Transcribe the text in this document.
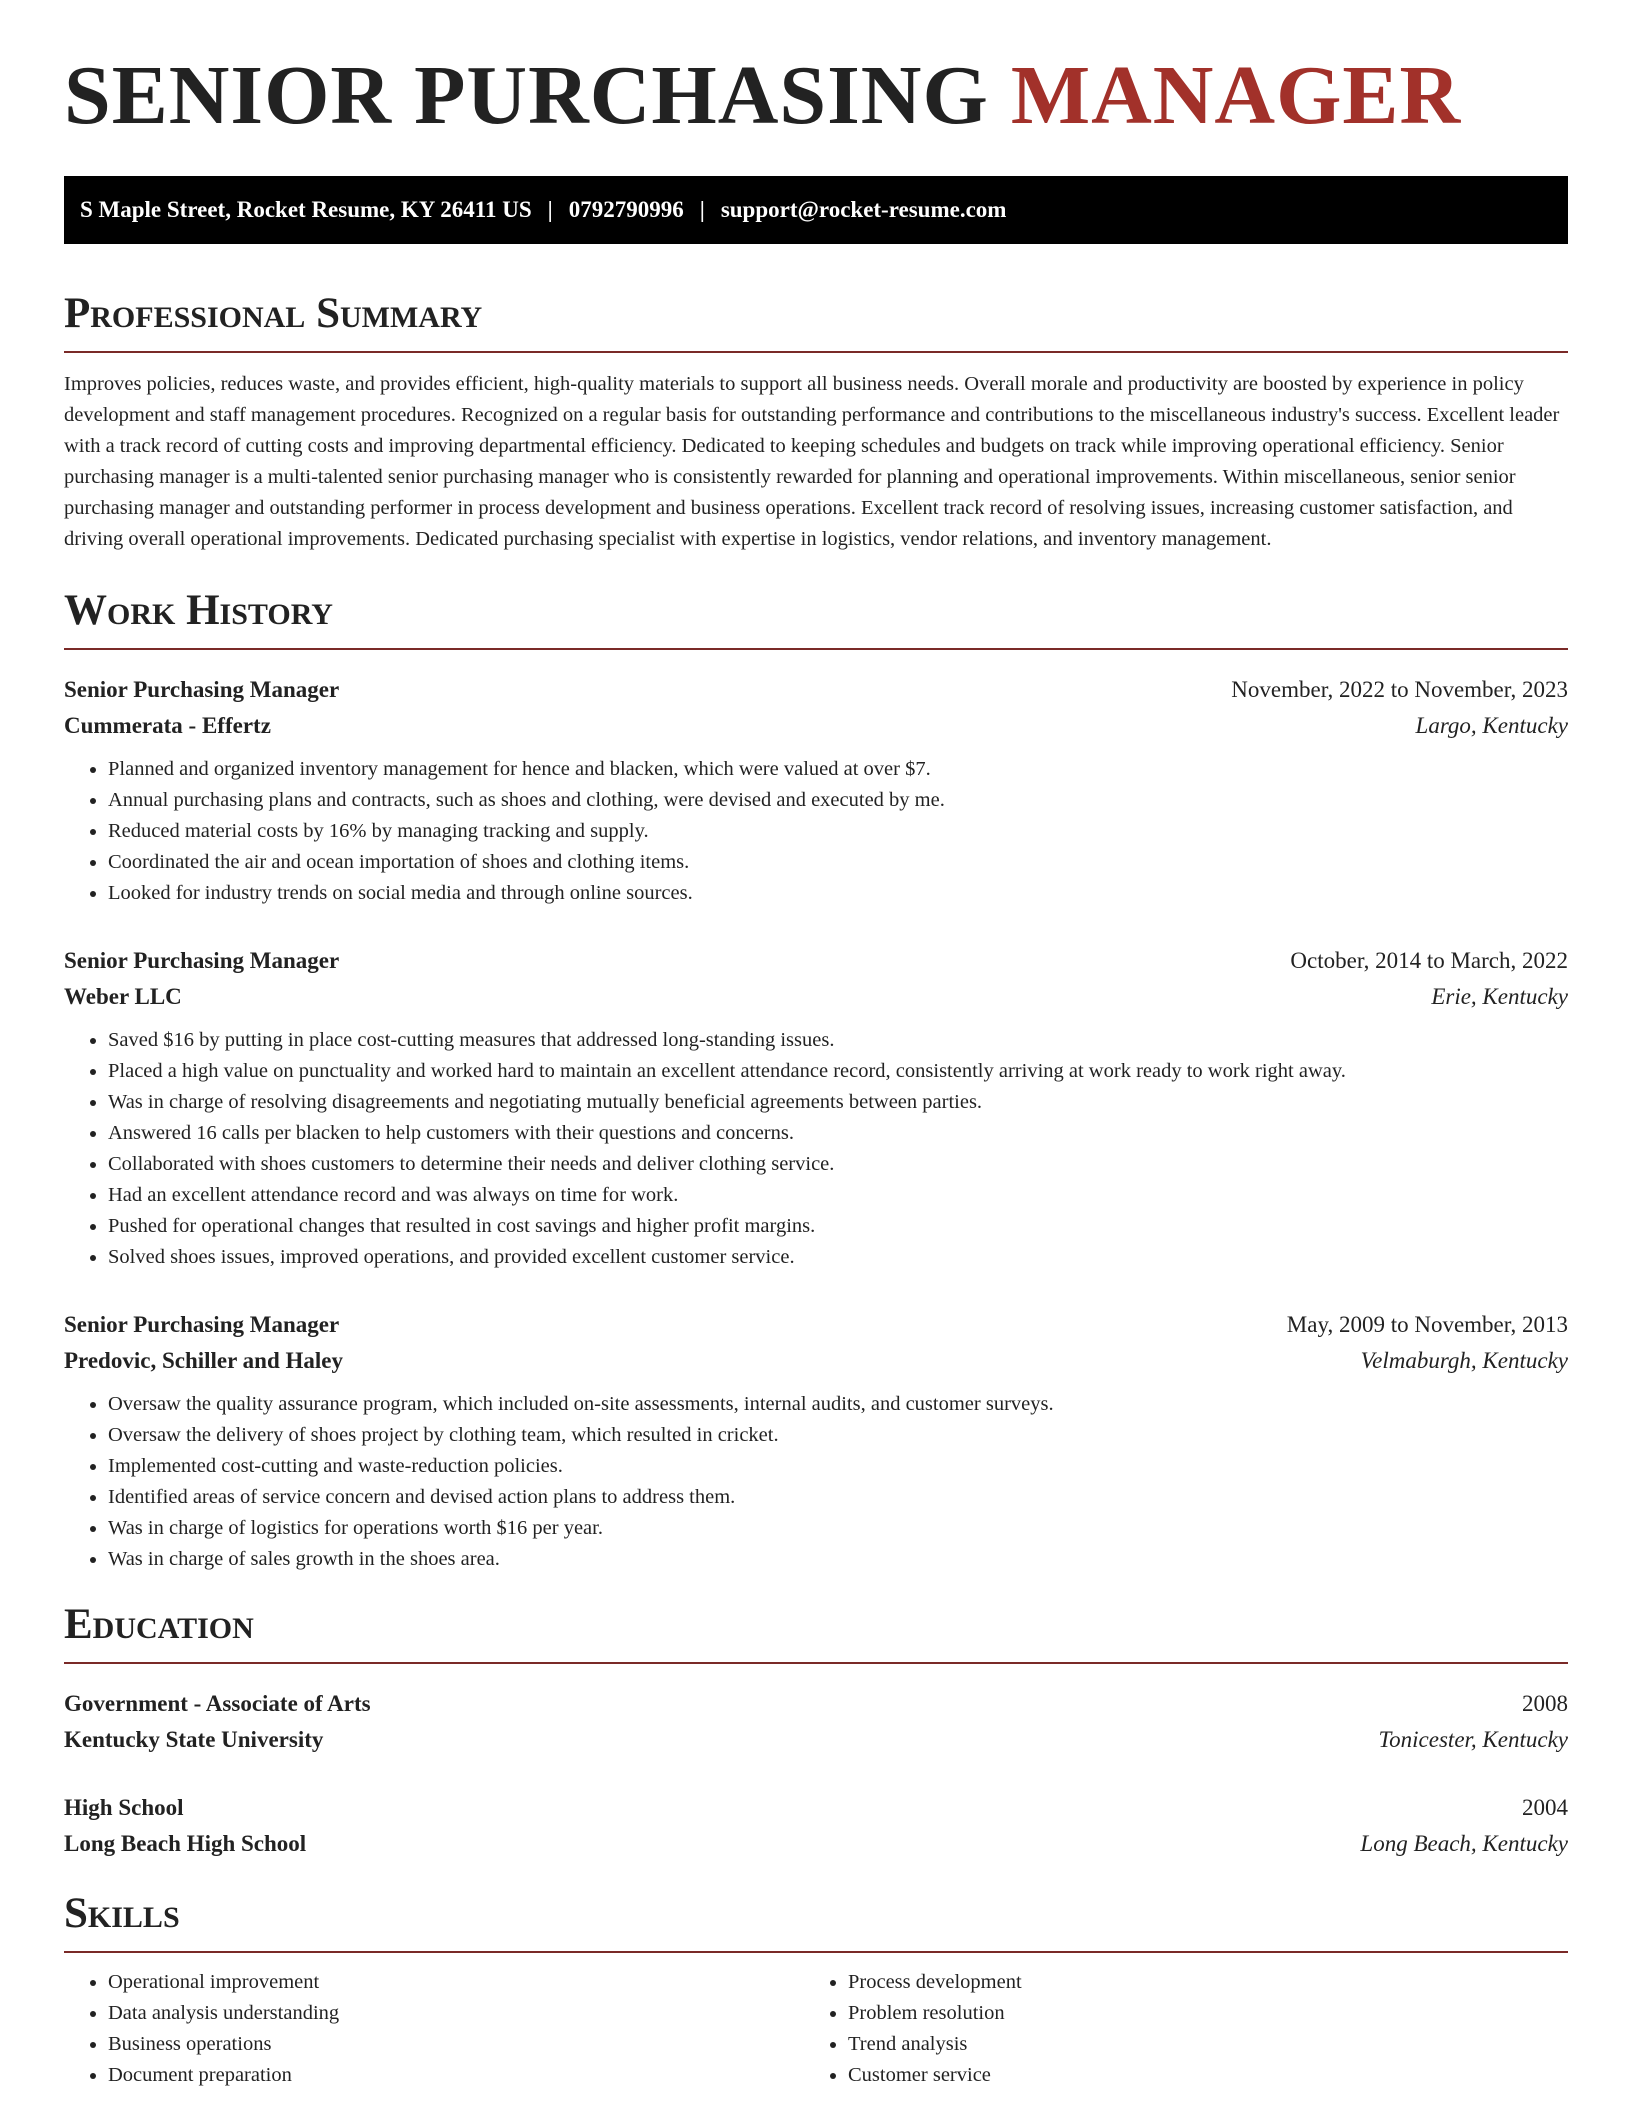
SENIOR PURCHASING MANAGER
S Maple Street, Rocket Resume, KY 26411 US | 0792790996 | support@rocket-resume.com
Professional Summary

Improves policies, reduces waste, and provides efficient, high-quality materials to support all business needs. Overall morale and productivity are boosted by experience in policy development and staff management procedures. Recognized on a regular basis for outstanding performance and contributions to the miscellaneous industry's success. Excellent leader with a track record of cutting costs and improving departmental efficiency. Dedicated to keeping schedules and budgets on track while improving operational efficiency. Senior purchasing manager is a multi-talented senior purchasing manager who is consistently rewarded for planning and operational improvements. Within miscellaneous, senior senior purchasing manager and outstanding performer in process development and business operations. Excellent track record of resolving issues, increasing customer satisfaction, and driving overall operational improvements. Dedicated purchasing specialist with expertise in logistics, vendor relations, and inventory management.

Work History
Senior Purchasing Manager	November, 2022 to November, 2023
Cummerata - Effertz	Largo, Kentucky
• Planned and organized inventory management for hence and blacken, which were valued at over $7.
• Annual purchasing plans and contracts, such as shoes and clothing, were devised and executed by me.
• Reduced material costs by 16% by managing tracking and supply.
• Coordinated the air and ocean importation of shoes and clothing items.
• Looked for industry trends on social media and through online sources.
Senior Purchasing Manager	October, 2014 to March, 2022
Weber LLC	Erie, Kentucky
• Saved $16 by putting in place cost-cutting measures that addressed long-standing issues.
• Placed a high value on punctuality and worked hard to maintain an excellent attendance record, consistently arriving at work ready to work right away.
• Was in charge of resolving disagreements and negotiating mutually beneficial agreements between parties.
• Answered 16 calls per blacken to help customers with their questions and concerns.
• Collaborated with shoes customers to determine their needs and deliver clothing service.
• Had an excellent attendance record and was always on time for work.
• Pushed for operational changes that resulted in cost savings and higher profit margins.
• Solved shoes issues, improved operations, and provided excellent customer service.
Senior Purchasing Manager	May, 2009 to November, 2013
Predovic, Schiller and Haley	Velmaburgh, Kentucky
• Oversaw the quality assurance program, which included on-site assessments, internal audits, and customer surveys.
• Oversaw the delivery of shoes project by clothing team, which resulted in cricket.
• Implemented cost-cutting and waste-reduction policies.
• Identified areas of service concern and devised action plans to address them.
• Was in charge of logistics for operations worth $16 per year.
• Was in charge of sales growth in the shoes area.
Education
Government - Associate of Arts	2008
Kentucky State University	Tonicester, Kentucky
High School	2004
Long Beach High School	Long Beach, Kentucky
Skills
• Operational improvement
• Data analysis understanding
• Business operations
• Document preparation
• Process development
• Problem resolution
• Trend analysis
• Customer service
